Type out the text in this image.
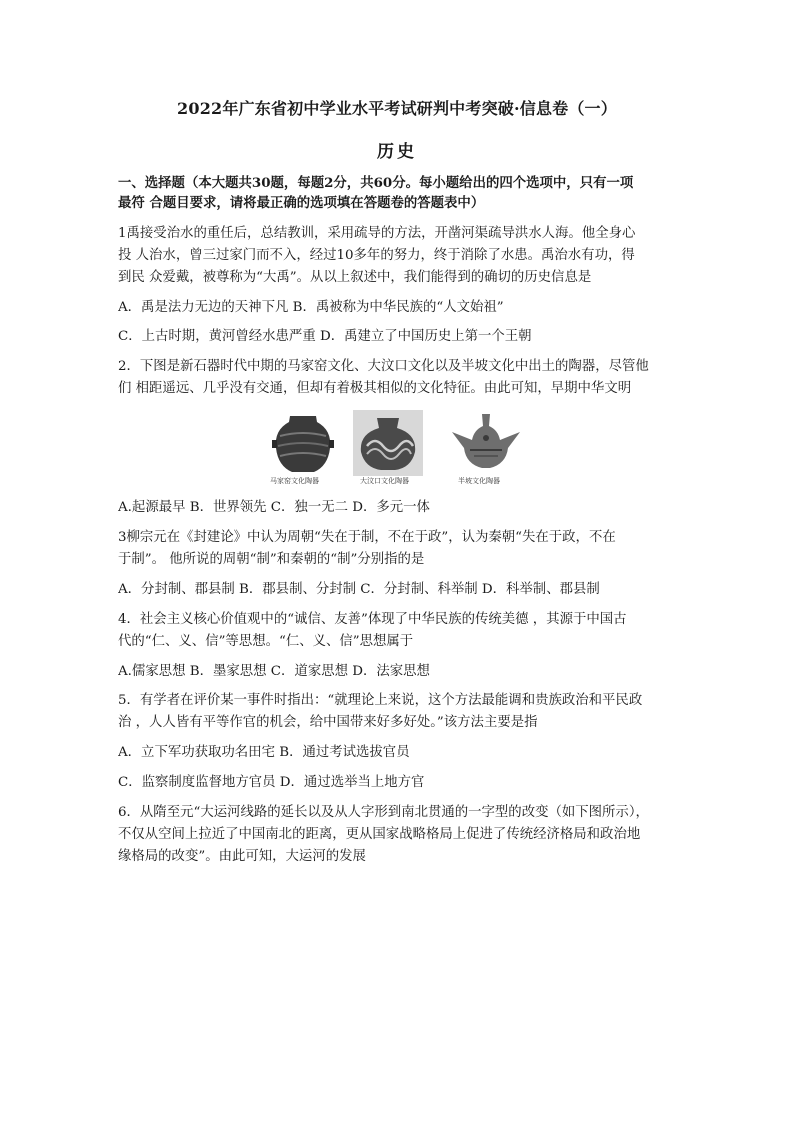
2022年广东省初中学业水平考试研判中考突破·信息卷（一）
历史
一、选择题（本大题共30题，每题2分，共60分。每小题给出的四个选项中，只有一项
最符 合题目要求，请将最正确的选项填在答题卷的答题表中）
1禹接受治水的重任后，总结教训，采用疏导的方法，开凿河渠疏导洪水人海。他全身心
投 人治水，曾三过家门而不入，经过10多年的努力，终于消除了水患。禹治水有功，得
到民 众爱戴，被尊称为“大禹”。从以上叙述中，我们能得到的确切的历史信息是
A．禹是法力无边的天神下凡 B．禹被称为中华民族的“人文始祖”
C．上古时期，黄河曾经水患严重 D．禹建立了中国历史上第一个王朝
2．下图是新石器时代中期的马家窑文化、大汶口文化以及半坡文化中出土的陶器，尽管他
们 相距遥远、几乎没有交通，但却有着极其相似的文化特征。由此可知，早期中华文明
马家窑文化陶器	大汶口文化陶器	半坡文化陶器
A.起源最早 B．世界领先 C．独一无二 D．多元一体
3柳宗元在《封建论》中认为周朝“失在于制，不在于政”，认为秦朝“失在于政，不在
于制”。 他所说的周朝“制”和秦朝的“制”分别指的是
A．分封制、郡县制 B．郡县制、分封制 C．分封制、科举制 D．科举制、郡县制
4．社会主义核心价值观中的“诚信、友善”体现了中华民族的传统美德 ，其源于中国古
代的“仁、义、信”等思想。“仁、义、信”思想属于
A.儒家思想 B．墨家思想 C．道家思想 D．法家思想
5．有学者在评价某一事件时指出：“就理论上来说，这个方法最能调和贵族政治和平民政
治 ，人人皆有平等作官的机会，给中国带来好多好处。”该方法主要是指
A．立下军功获取功名田宅 B．通过考试选拔官员
C．监察制度监督地方官员 D．通过选举当上地方官
6．从隋至元“大运河线路的延长以及从人字形到南北贯通的一字型的改变（如下图所示），
不仅从空间上拉近了中国南北的距离，更从国家战略格局上促进了传统经济格局和政治地
缘格局的改变”。由此可知，大运河的发展
